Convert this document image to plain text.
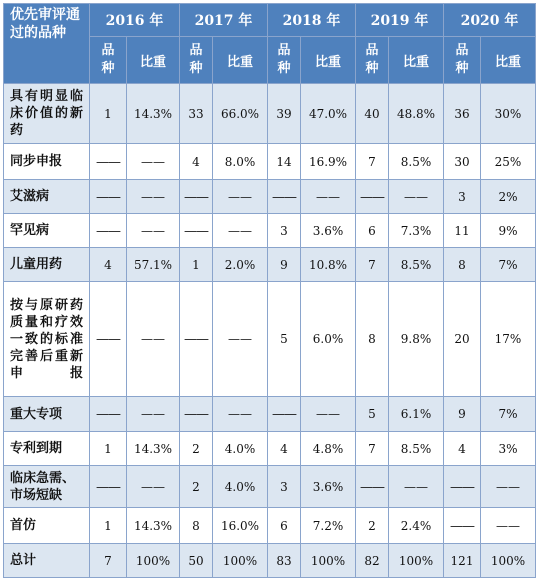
优先审评通过的品种	2016 年		2017 年		2018 年		2019 年		2020 年	
	品种	比重	品种	比重	品种	比重	品种	比重	品种	比重
具有明显临床价值的新药	1	14.3%	33	66.0%	39	47.0%	40	48.8%	36	30%
同步申报	——	——	4	8.0%	14	16.9%	7	8.5%	30	25%
艾滋病	——	——	——	——	——	——	——	——	3	2%
罕见病	——	——	——	——	3	3.6%	6	7.3%	11	9%
儿童用药	4	57.1%	1	2.0%	9	10.8%	7	8.5%	8	7%
按与原研药质量和疗效一致的标准完善后重新申报	——	——	——	——	5	6.0%	8	9.8%	20	17%
重大专项	——	——	——	——	——	——	5	6.1%	9	7%
专利到期	1	14.3%	2	4.0%	4	4.8%	7	8.5%	4	3%
临床急需、市场短缺	——	——	2	4.0%	3	3.6%	——	——	——	——
首仿	1	14.3%	8	16.0%	6	7.2%	2	2.4%	——	——
总计	7	100%	50	100%	83	100%	82	100%	121	100%
